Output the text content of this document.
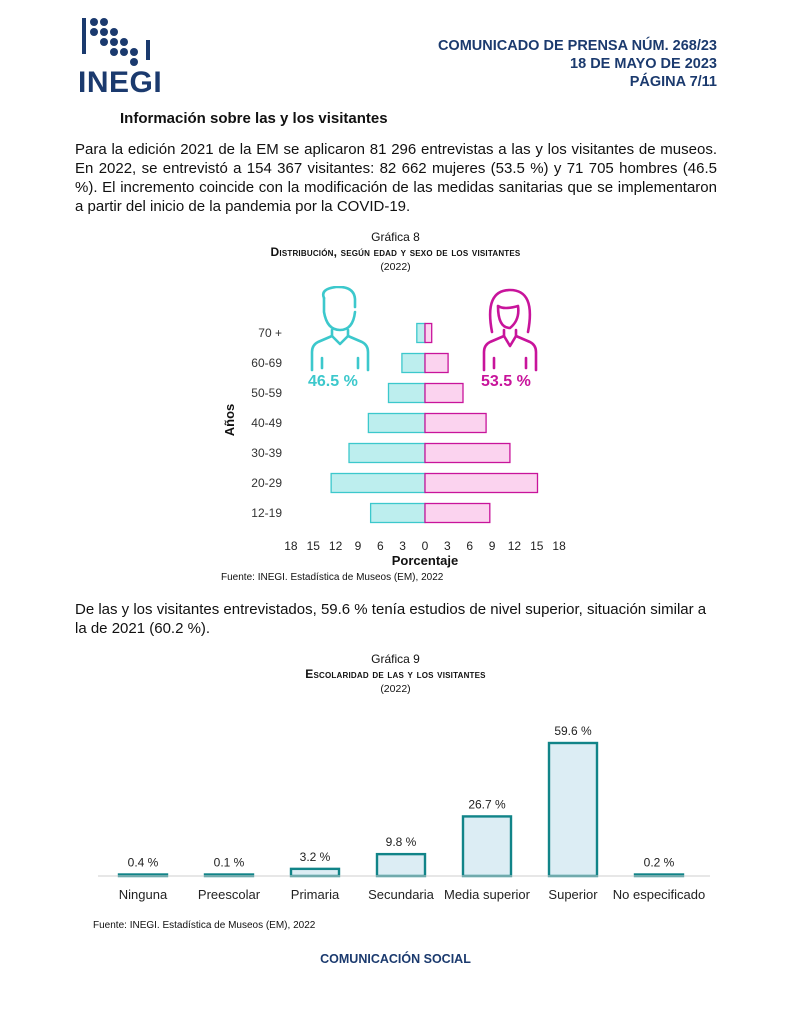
INEGI
COMUNICADO DE PRENSA NÚM. 268/23
18 DE MAYO DE 2023
PÁGINA 7/11
Información sobre las y los visitantes

Para la edición 2021 de la EM se aplicaron 81 296 entrevistas a las y los visitantes de museos. En 2022, se entrevistó a 154 367 visitantes: 82 662 mujeres (53.5 %) y 71 705 hombres (46.5 %). El incremento coincide con la modificación de las medidas sanitarias que se implementaron a partir del inicio de la pandemia por la COVID-19.

Gráfica 8
Distribución, según edad y sexo de los visitantes
(2022)
46.5 %	53.5 %
12-19
20-29
30-39
40-49
50-59
60-69
70 +
18 15 12 9 6 3 0 3 6 9 12 15 18
Porcentaje
Años
Fuente: INEGI. Estadística de Museos (EM), 2022

De las y los visitantes entrevistados, 59.6 % tenía estudios de nivel superior, situación similar a la de 2021 (60.2 %).

Gráfica 9
Escolaridad de las y los visitantes
(2022)
0.4 %
Ninguna
0.1 %
Preescolar
3.2 %
Primaria
9.8 %
Secundaria
26.7 %
Media superior
59.6 %
Superior
0.2 %
No especificado
Fuente: INEGI. Estadística de Museos (EM), 2022
COMUNICACIÓN SOCIAL
